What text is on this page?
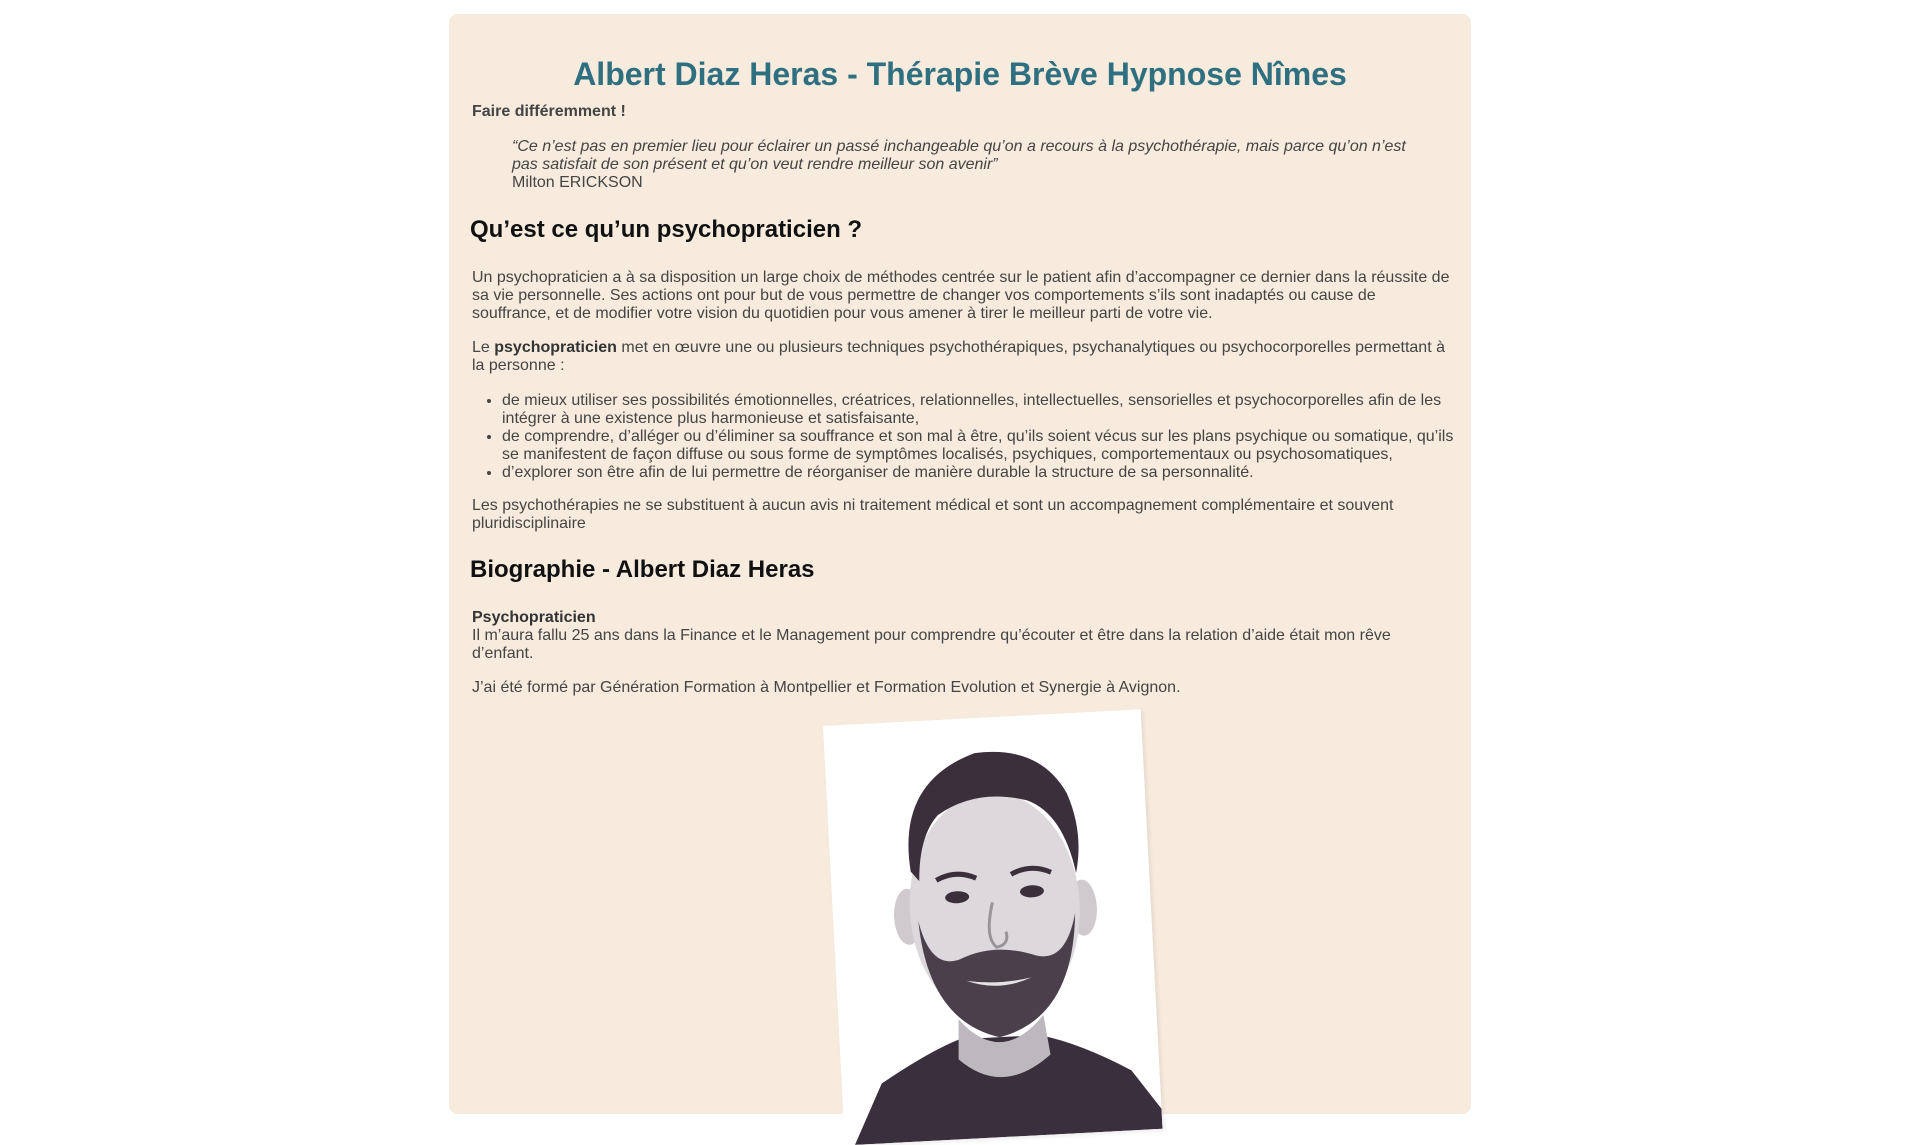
Albert Diaz Heras - Thérapie Brève Hypnose Nîmes

Faire différemment !

“Ce n’est pas en premier lieu pour éclairer un passé inchangeable qu’on a recours à la psychothérapie, mais parce qu’on n’est pas satisfait de son présent et qu’on veut rendre meilleur son avenir”
Milton ERICKSON
Qu’est ce qu’un psychopraticien ?

Un psychopraticien a à sa disposition un large choix de méthodes centrée sur le patient afin d’accompagner ce dernier dans la réussite de sa vie personnelle. Ses actions ont pour but de vous permettre de changer vos comportements s’ils sont inadaptés ou cause de souffrance, et de modifier votre vision du quotidien pour vous amener à tirer le meilleur parti de votre vie.

Le psychopraticien met en œuvre une ou plusieurs techniques psychothérapiques, psychanalytiques ou psychocorporelles permettant à la personne :

• de mieux utiliser ses possibilités émotionnelles, créatrices, relationnelles, intellectuelles, sensorielles et psychocorporelles afin de les intégrer à une existence plus harmonieuse et satisfaisante,
• de comprendre, d’alléger ou d’éliminer sa souffrance et son mal à être, qu’ils soient vécus sur les plans psychique ou somatique, qu’ils se manifestent de façon diffuse ou sous forme de symptômes localisés, psychiques, comportementaux ou psychosomatiques,
• d’explorer son être afin de lui permettre de réorganiser de manière durable la structure de sa personnalité.

Les psychothérapies ne se substituent à aucun avis ni traitement médical et sont un accompagnement complémentaire et souvent pluridisciplinaire

Biographie - Albert Diaz Heras

Psychopraticien
Il m’aura fallu 25 ans dans la Finance et le Management pour comprendre qu’écouter et être dans la relation d’aide était mon rêve d’enfant.

J’ai été formé par Génération Formation à Montpellier et Formation Evolution et Synergie à Avignon.
